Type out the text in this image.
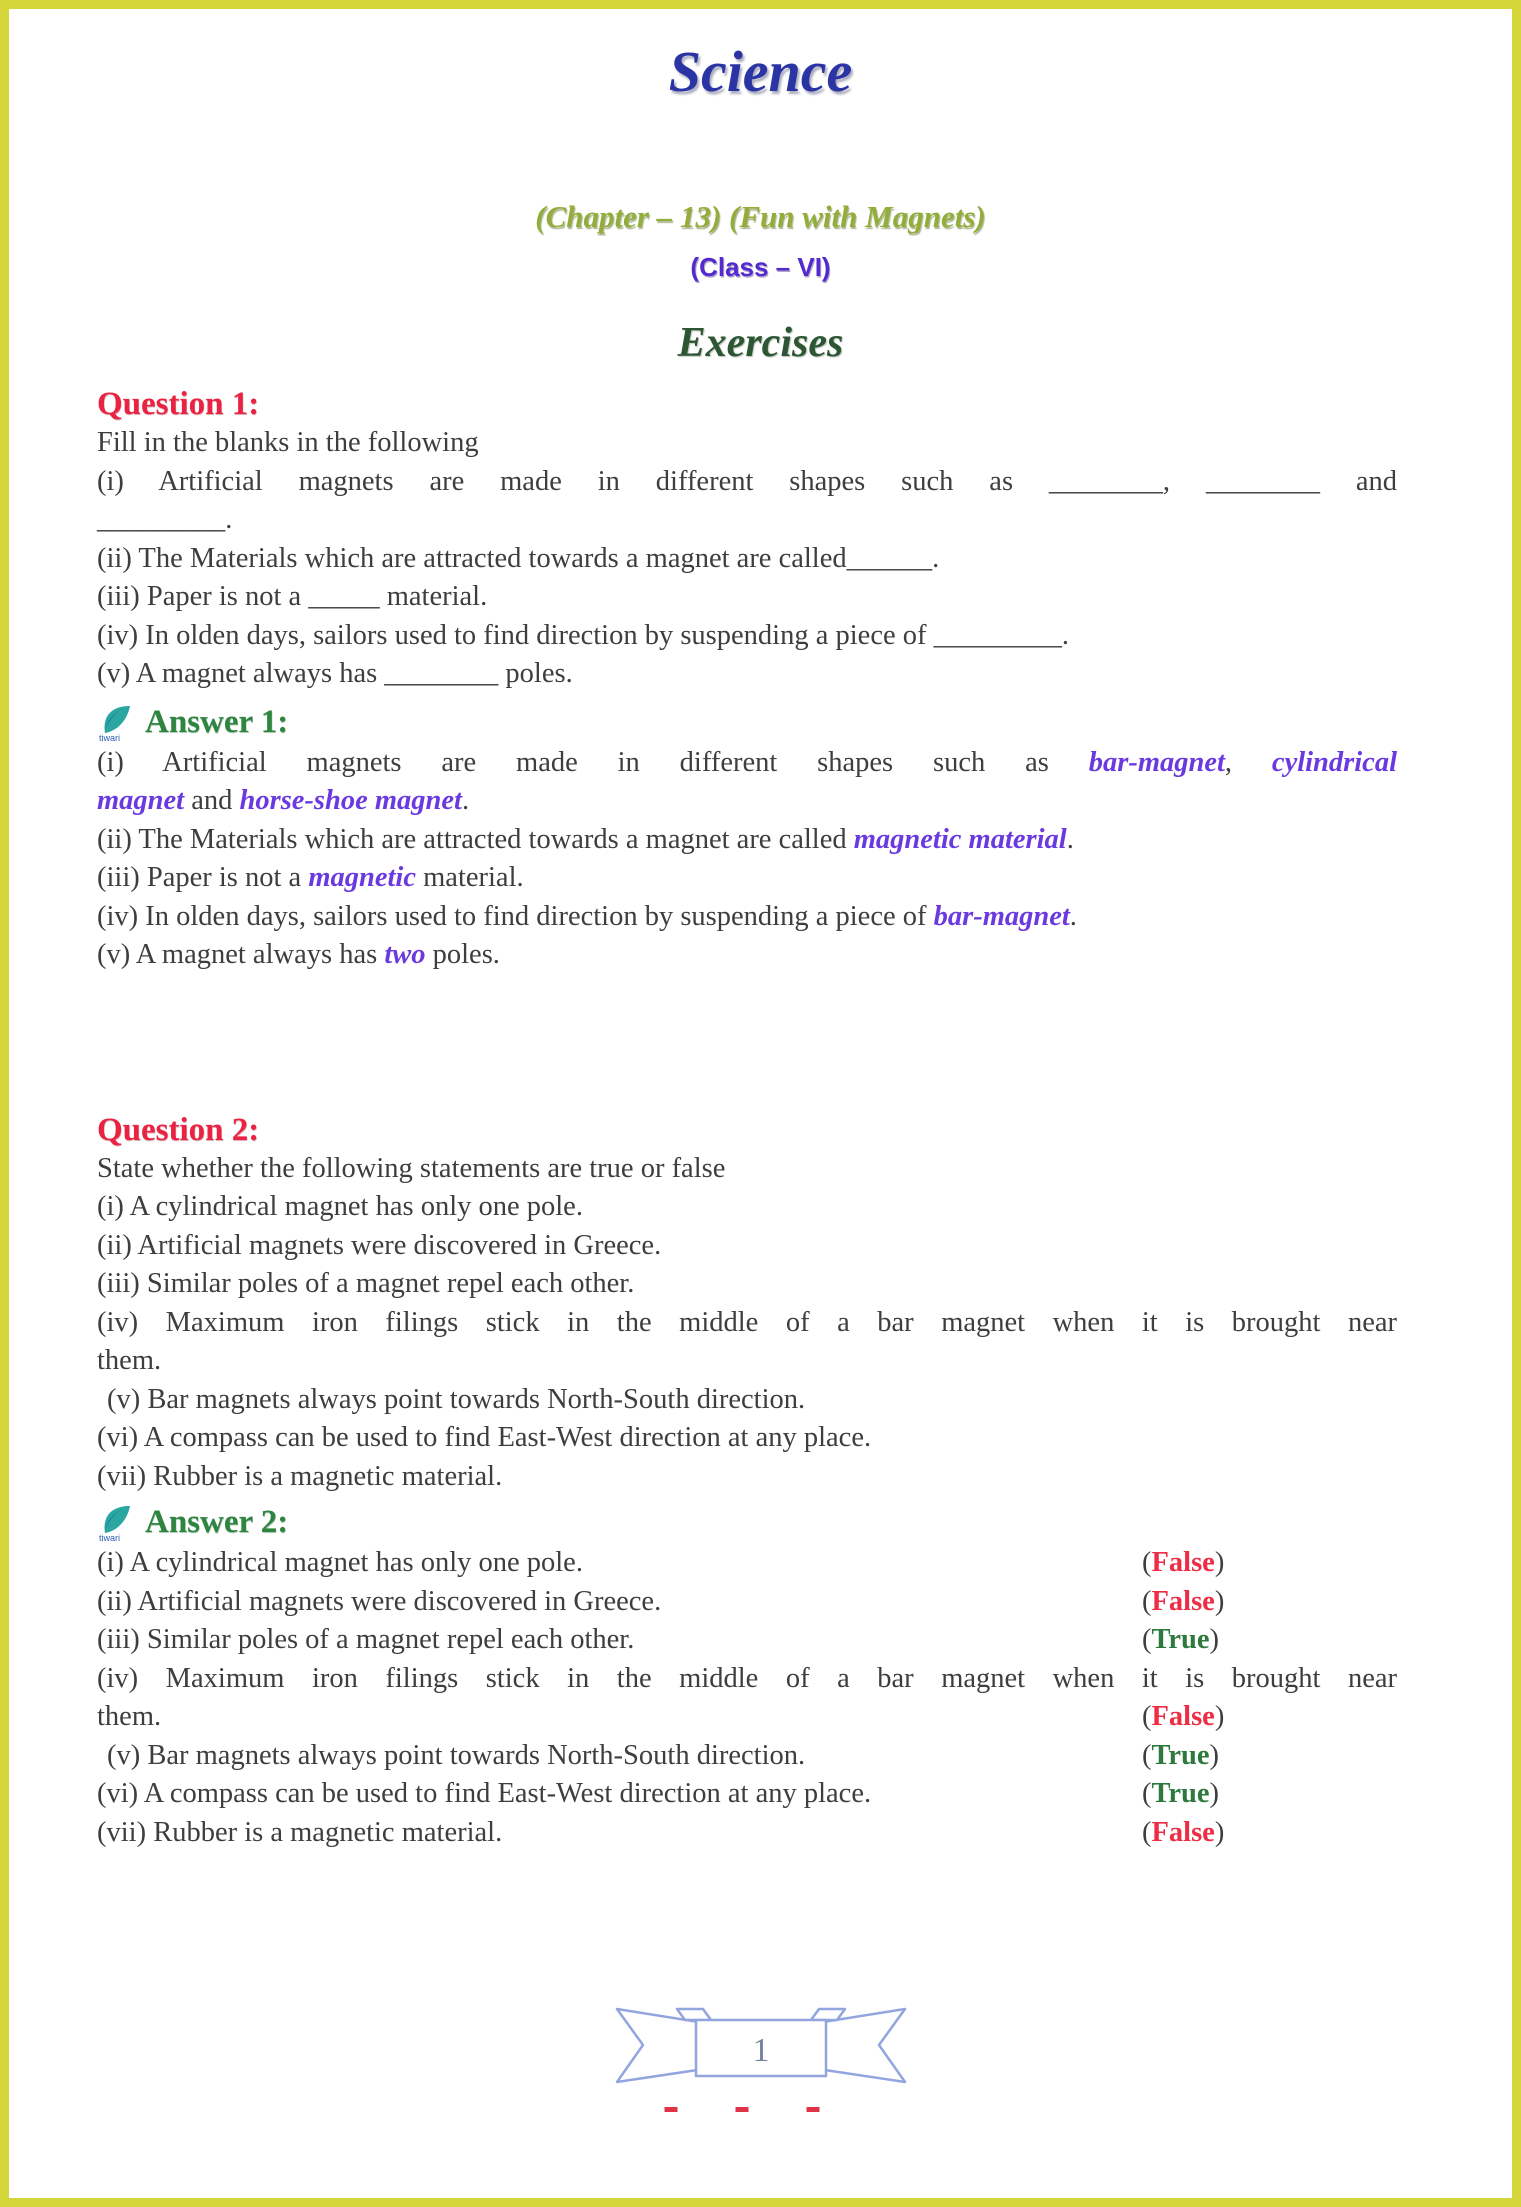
Science
(Chapter – 13) (Fun with Magnets)
(Class – VI)
Exercises
Question 1:
Fill in the blanks in the following
(i) Artificial magnets are made in different shapes such as ________, ________ and
_________.
(ii) The Materials which are attracted towards a magnet are called______.
(iii) Paper is not a _____ material.
(iv) In olden days, sailors used to find direction by suspending a piece of _________.
(v) A magnet always has ________ poles.
tiwari Answer 1:
(i) Artificial magnets are made in different shapes such as bar-magnet, cylindrical
magnet and horse-shoe magnet.
(ii) The Materials which are attracted towards a magnet are called magnetic material.
(iii) Paper is not a magnetic material.
(iv) In olden days, sailors used to find direction by suspending a piece of bar-magnet.
(v) A magnet always has two poles.
Question 2:
State whether the following statements are true or false
(i) A cylindrical magnet has only one pole.
(ii) Artificial magnets were discovered in Greece.
(iii) Similar poles of a magnet repel each other.
(iv) Maximum iron filings stick in the middle of a bar magnet when it is brought near
them.
(v) Bar magnets always point towards North-South direction.
(vi) A compass can be used to find East-West direction at any place.
(vii) Rubber is a magnetic material.
tiwari Answer 2:
(i) A cylindrical magnet has only one pole.	(False)
(ii) Artificial magnets were discovered in Greece.	(False)
(iii) Similar poles of a magnet repel each other.	(True)
(iv) Maximum iron filings stick in the middle of a bar magnet when it is brought near
them.	(False)
(v) Bar magnets always point towards North-South direction.	(True)
(vi) A compass can be used to find East-West direction at any place.	(True)
(vii) Rubber is a magnetic material.	(False)
1
